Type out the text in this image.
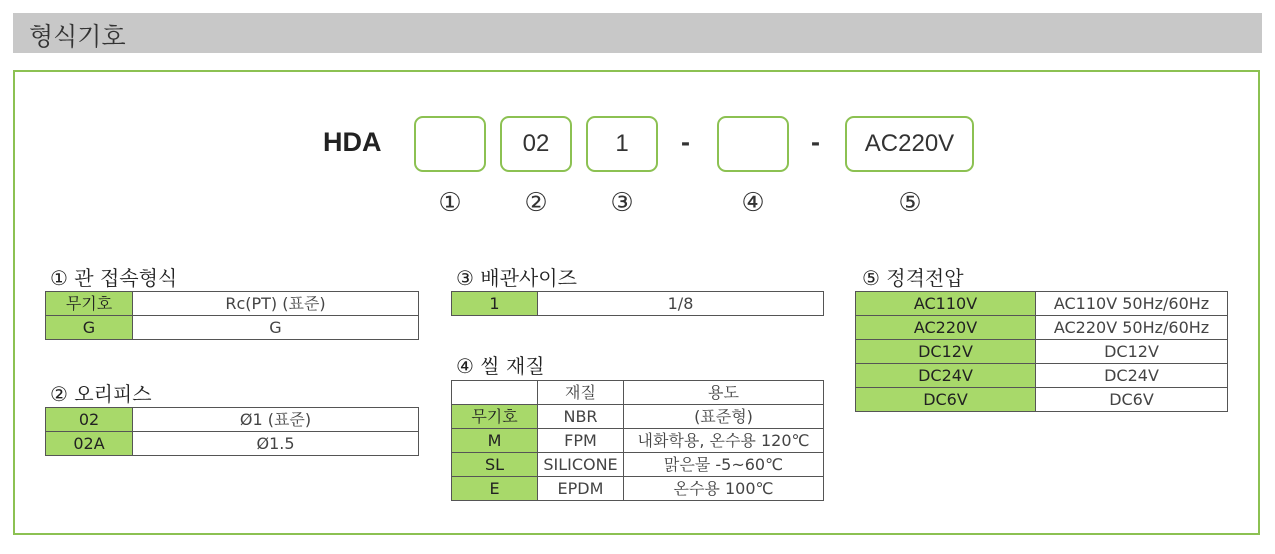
형식기호
HDA	02	1	-	-	AC220V
①	②	③	④	⑤
① 관 접속형식
무기호	Rc(PT) (표준)
G	G
② 오리피스
02	Ø1 (표준)
02A	Ø1.5
③ 배관사이즈
1	1/8
④ 씰 재질
	재질	용도
무기호	NBR	(표준형)
M	FPM	내화학용, 온수용 120℃
SL	SILICONE	맑은물 -5~60℃
E	EPDM	온수용 100℃
⑤ 정격전압
AC110V	AC110V 50Hz/60Hz
AC220V	AC220V 50Hz/60Hz
DC12V	DC12V
DC24V	DC24V
DC6V	DC6V
